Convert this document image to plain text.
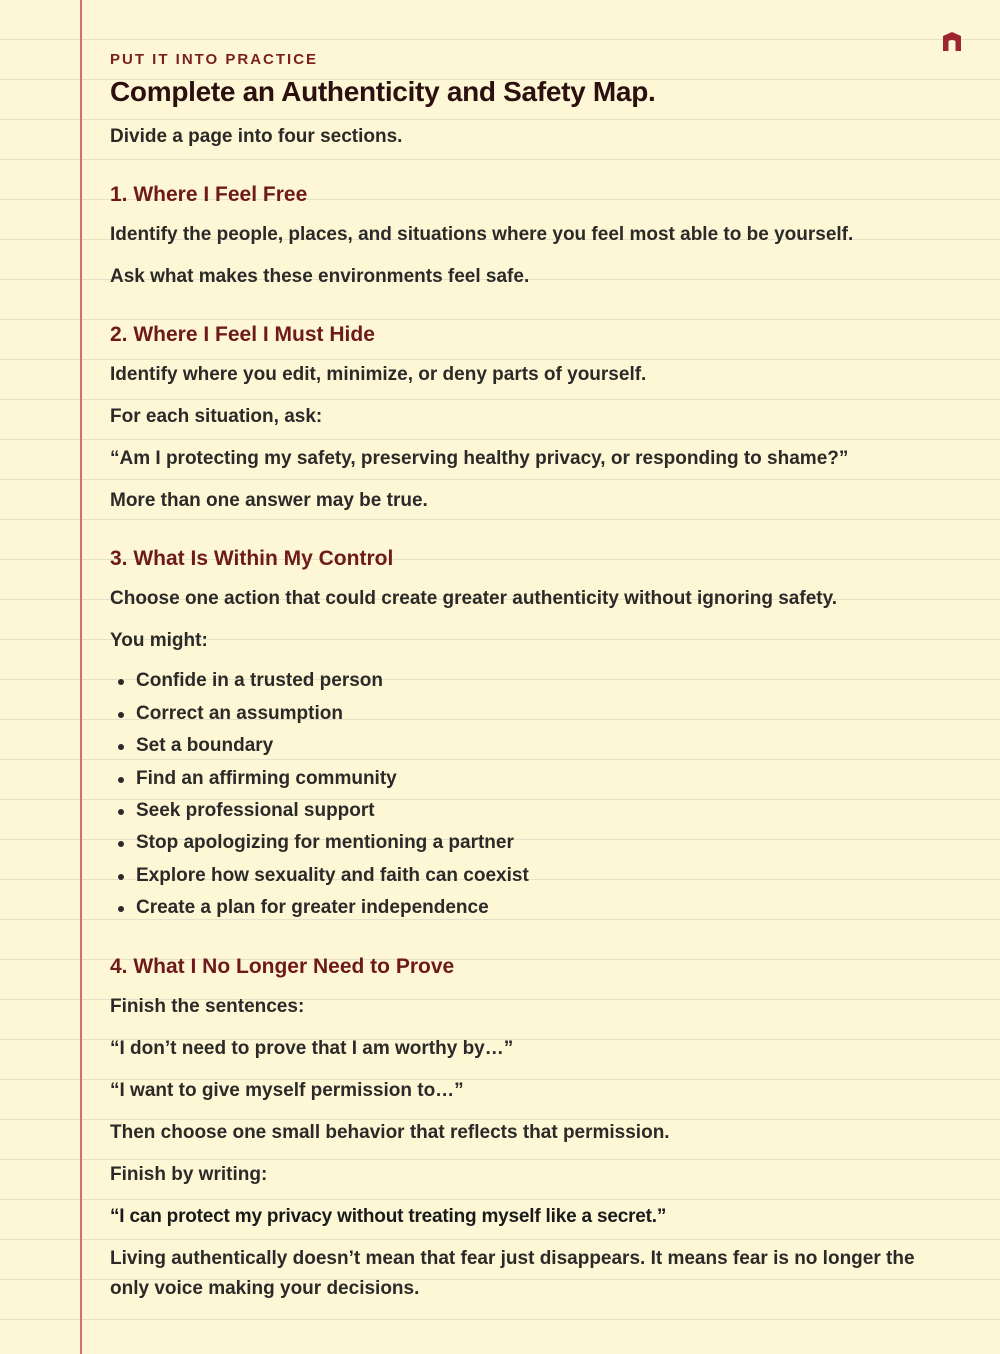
PUT IT INTO PRACTICE
Complete an Authenticity and Safety Map.
Divide a page into four sections.
1. Where I Feel Free
Identify the people, places, and situations where you feel most able to be yourself.
Ask what makes these environments feel safe.
2. Where I Feel I Must Hide
Identify where you edit, minimize, or deny parts of yourself.
For each situation, ask:
“Am I protecting my safety, preserving healthy privacy, or responding to shame?”
More than one answer may be true.
3. What Is Within My Control
Choose one action that could create greater authenticity without ignoring safety.
You might:
Confide in a trusted person
Correct an assumption
Set a boundary
Find an affirming community
Seek professional support
Stop apologizing for mentioning a partner
Explore how sexuality and faith can coexist
Create a plan for greater independence
4. What I No Longer Need to Prove
Finish the sentences:
“I don’t need to prove that I am worthy by…”
“I want to give myself permission to…”
Then choose one small behavior that reflects that permission.
Finish by writing:
“I can protect my privacy without treating myself like a secret.”
Living authentically doesn’t mean that fear just disappears. It means fear is no longer the only voice making your decisions.
